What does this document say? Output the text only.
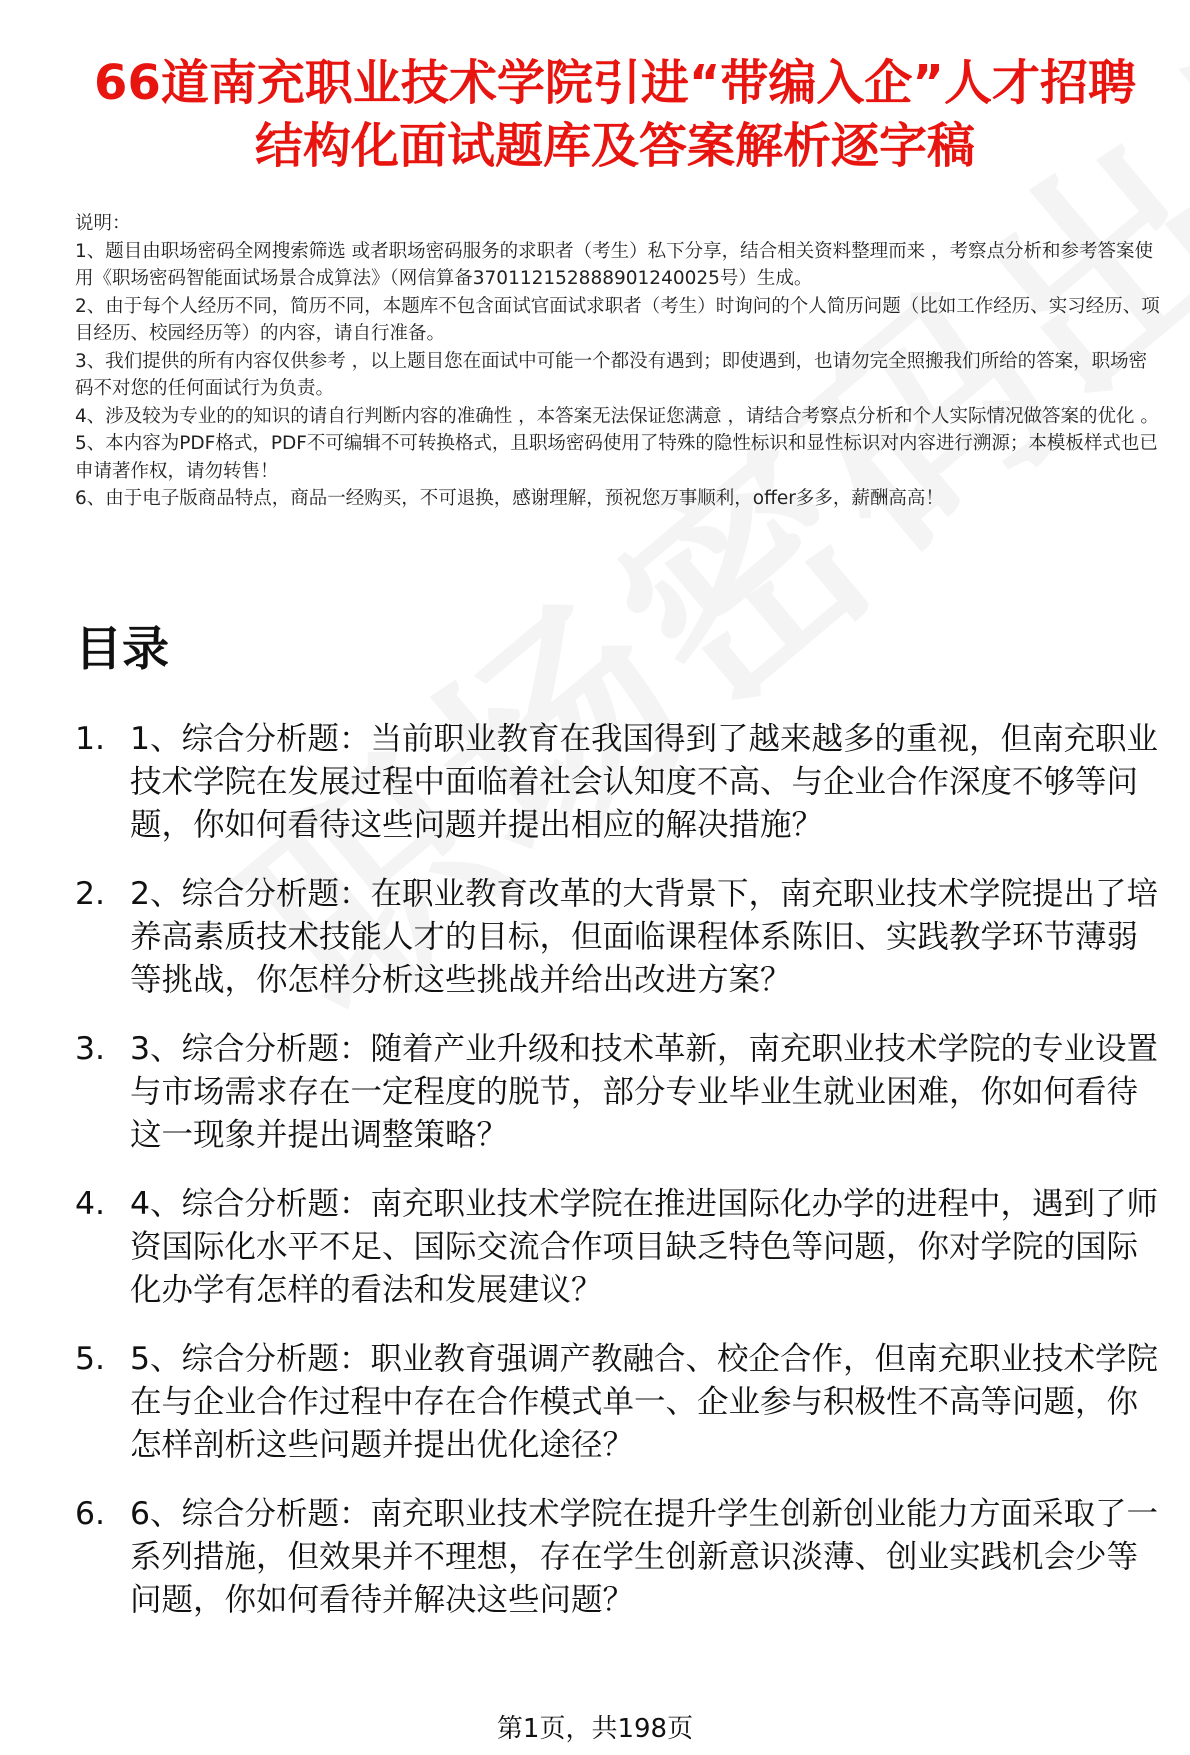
66道南充职业技术学院引进“带编入企”人才招聘结构化面试题库及答案解析逐字稿

说明：

1、题目由职场密码全网搜索筛选 或者职场密码服务的求职者（考生）私下分享，结合相关资料整理而来 ，考察点分析和参考答案使用《职场密码智能面试场景合成算法》（网信算备37011215288890124​0025号）生成。

2、由于每个人经历不同，简历不同，本题库不包含面试官面试求职者（考生）时询问的个人简历问题（比如工作经历、实习经历、项目经历、校园经历等）的内容，请自行准备。

3、我们提供的所有内容仅供参考 ，以上题目您在面试中可能一个都没有遇到；即使遇到，也请勿完全照搬我们所给的答案，职场密码不对您的任何面试行为负责。

4、涉及较为专业的的知识的请自行判断内容的准确性 ，本答案无法保证您满意 ，请结合考察点分析和个人实际情况做答案的优化 。

5、本内容为PDF格式，PDF不可编辑不可转换格式，且职场密码使用了特殊的隐性标识和显性标识对内容进行溯源；本模板样式也已申请著作权，请勿转售！

6、由于电子版商品特点，商品一经购买，不可退换，感谢理解，预祝您万事顺利，offer多多，薪酬高高！

目录
1. 1、综合分析题：当前职业教育在我国得到了越来越多的重视，但南充职业技术学院在发展过程中面临着社会认知度不高、与企业合作深度不够等问题，你如何看待这些问题并提出相应的解决措施？
2. 2、综合分析题：在职业教育改革的大背景下，南充职业技术学院提出了培养高素质技术技能人才的目标，但面临课程体系陈旧、实践教学环节薄弱等挑战，你怎样分析这些挑战并给出改进方案？
3. 3、综合分析题：随着产业升级和技术革新，南充职业技术学院的专业设置与市场需求存在一定程度的脱节，部分专业毕业生就业困难，你如何看待这一现象并提出调整策略？
4. 4、综合分析题：南充职业技术学院在推进国际化办学的进程中，遇到了师资国际化水平不足、国际交流合作项目缺乏特色等问题，你对学院的国际化办学有怎样的看法和发展建议？
5. 5、综合分析题：职业教育强调产教融合、校企合作，但南充职业技术学院在与企业合作过程中存在合作模式单一、企业参与积极性不高等问题，你怎样剖析这些问题并提出优化途径？
6. 6、综合分析题：南充职业技术学院在提升学生创新创业能力方面采取了一系列措施，但效果并不理想，存在学生创新意识淡薄、创业实践机会少等问题，你如何看待并解决这些问题？
第1页，共198页
